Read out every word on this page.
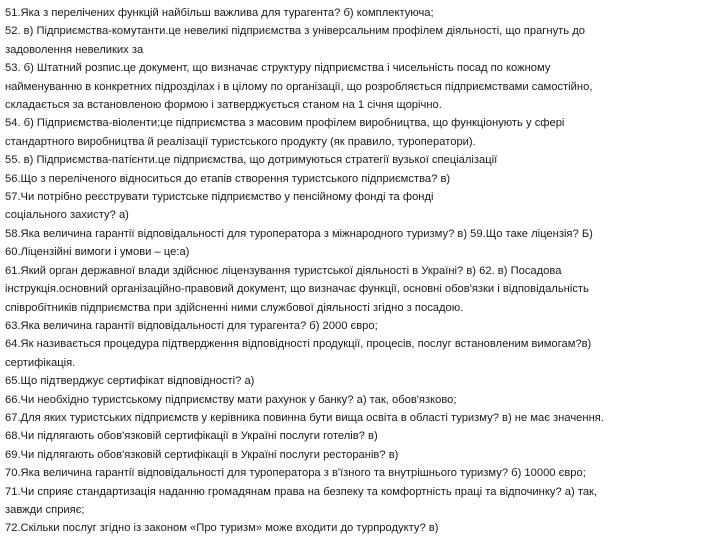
51.Яка з перелічених функцій найбільш важлива для турагента? б) комплектуюча;
52. в) Підприємства-комутанти.це невеликі підприємства з універсальним профілем діяльності, що прагнуть до
задоволення невеликих за
53. б) Штатний розпис.це документ, що визначає структуру підприємства і чисельність посад по кожному
найменуванню в конкретних підрозділах і в цілому по організації, що розробляється підприємствами самостійно,
складається за встановленою формою і затверджується станом на 1 січня щорічно.
54. б) Підприємства-віоленти;це підприємства з масовим профілем виробництва, що функціонують у сфері
стандартного виробництва й реалізації туристського продукту (як правило, туроператори).
55. в) Підприємства-патієнти.це підприємства, що дотримуються стратегії вузької спеціалізації
56.Що з переліченого відноситься до етапів створення туристського підприємства? в)
57.Чи потрібно реєструвати туристське підприємство у пенсійному фонді та фонді
соціального захисту? а)
58.Яка величина гарантії відповідальності для туроператора з міжнародного туризму? в) 59.Що таке ліцензія? Б)
60.Ліцензійні вимоги і умови – це:а)
61.Який орган державної влади здійснює ліцензування туристської діяльності в Україні? в) 62. в) Посадова
інструкція.основний організаційно-правовий документ, що визначає функції, основні обов'язки і відповідальність
співробітників підприємства при здійсненні ними службової діяльності згідно з посадою.
63.Яка величина гарантії відповідальності для турагента? б) 2000 євро;
64.Як називається процедура підтвердження відповідності продукції, процесів, послуг встановленим вимогам?в)
сертифікація.
65.Що підтверджує сертифікат відповідності? а)
66.Чи необхідно туристському підприємству мати рахунок у банку? а) так, обов'язково;
67.Для яких туристських підприємств у керівника повинна бути вища освіта в області туризму? в) не має значення.
68.Чи підлягають обов'язковій сертифікації в Україні послуги готелів? в)
69.Чи підлягають обов'язковій сертифікації в Україні послуги ресторанів? в)
70.Яка величина гарантії відповідальності для туроператора з в'їзного та внутрішнього туризму? б) 10000 євро;
71.Чи сприяє стандартизація наданню громадянам права на безпеку та комфортність праці та відпочинку? а) так,
завжди сприяє;
72.Скільки послуг згідно із законом «Про туризм» може входити до турпродукту? в)
